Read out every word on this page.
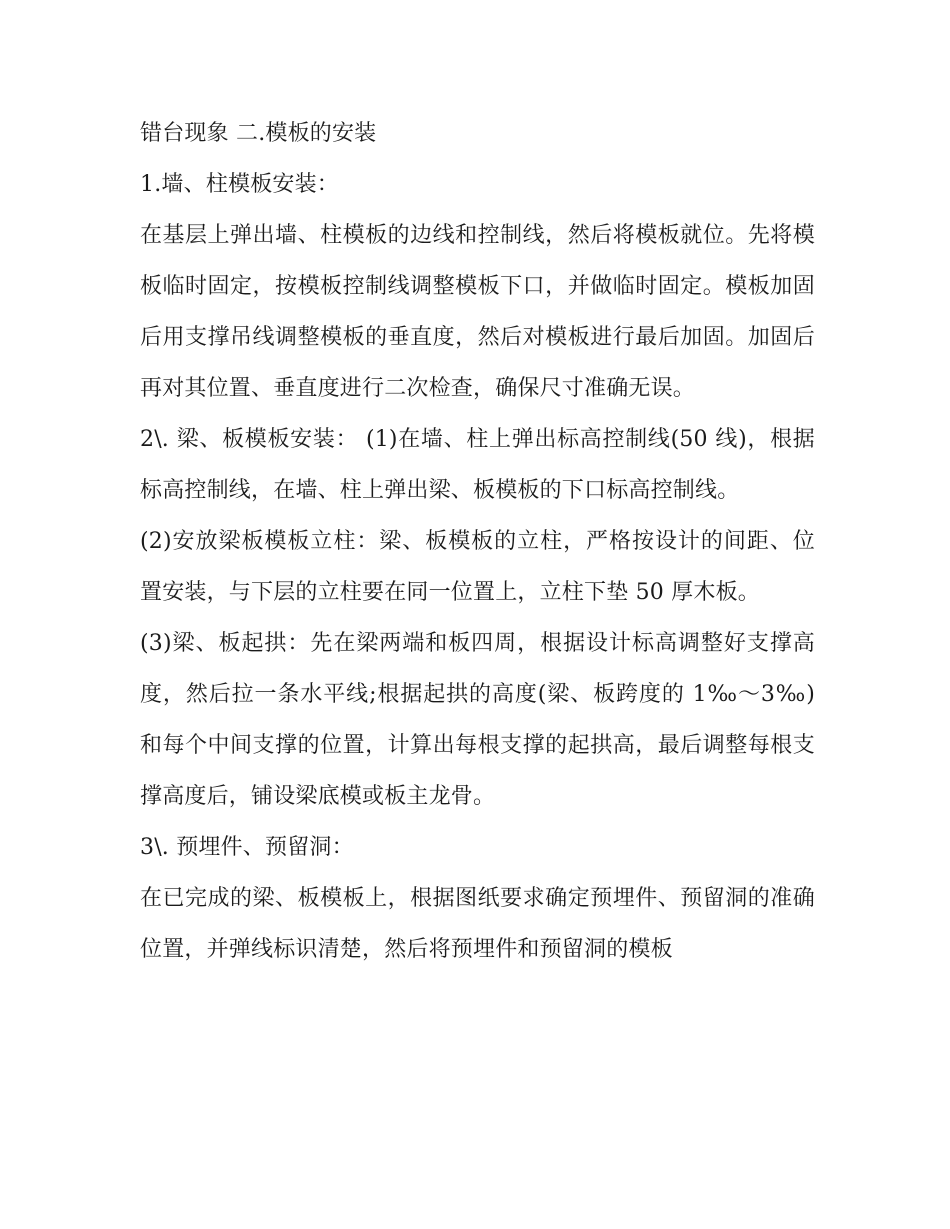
错台现象 二.模板的安装

1.墙、柱模板安装：

在基层上弹出墙、柱模板的边线和控制线，然后将模板就位。先将模板临时固定，按模板控制线调整模板下口，并做临时固定。模板加固后用支撑吊线调整模板的垂直度，然后对模板进行最后加固。加固后再对其位置、垂直度进行二次检查，确保尺寸准确无误。

2\. 梁、板模板安装： (1)在墙、柱上弹出标高控制线(50 线)，根据标高控制线，在墙、柱上弹出梁、板模板的下口标高控制线。

(2)安放梁板模板立柱：梁、板模板的立柱，严格按设计的间距、位置安装，与下层的立柱要在同一位置上，立柱下垫 50 厚木板。

(3)梁、板起拱：先在梁两端和板四周，根据设计标高调整好支撑高度，然后拉一条水平线;根据起拱的高度(梁、板跨度的 1‰～3‰)和每个中间支撑的位置，计算出每根支撑的起拱高，最后调整每根支撑高度后，铺设梁底模或板主龙骨。

3\. 预埋件、预留洞：

在已完成的梁、板模板上，根据图纸要求确定预埋件、预留洞的准确位置，并弹线标识清楚，然后将预埋件和预留洞的模板
